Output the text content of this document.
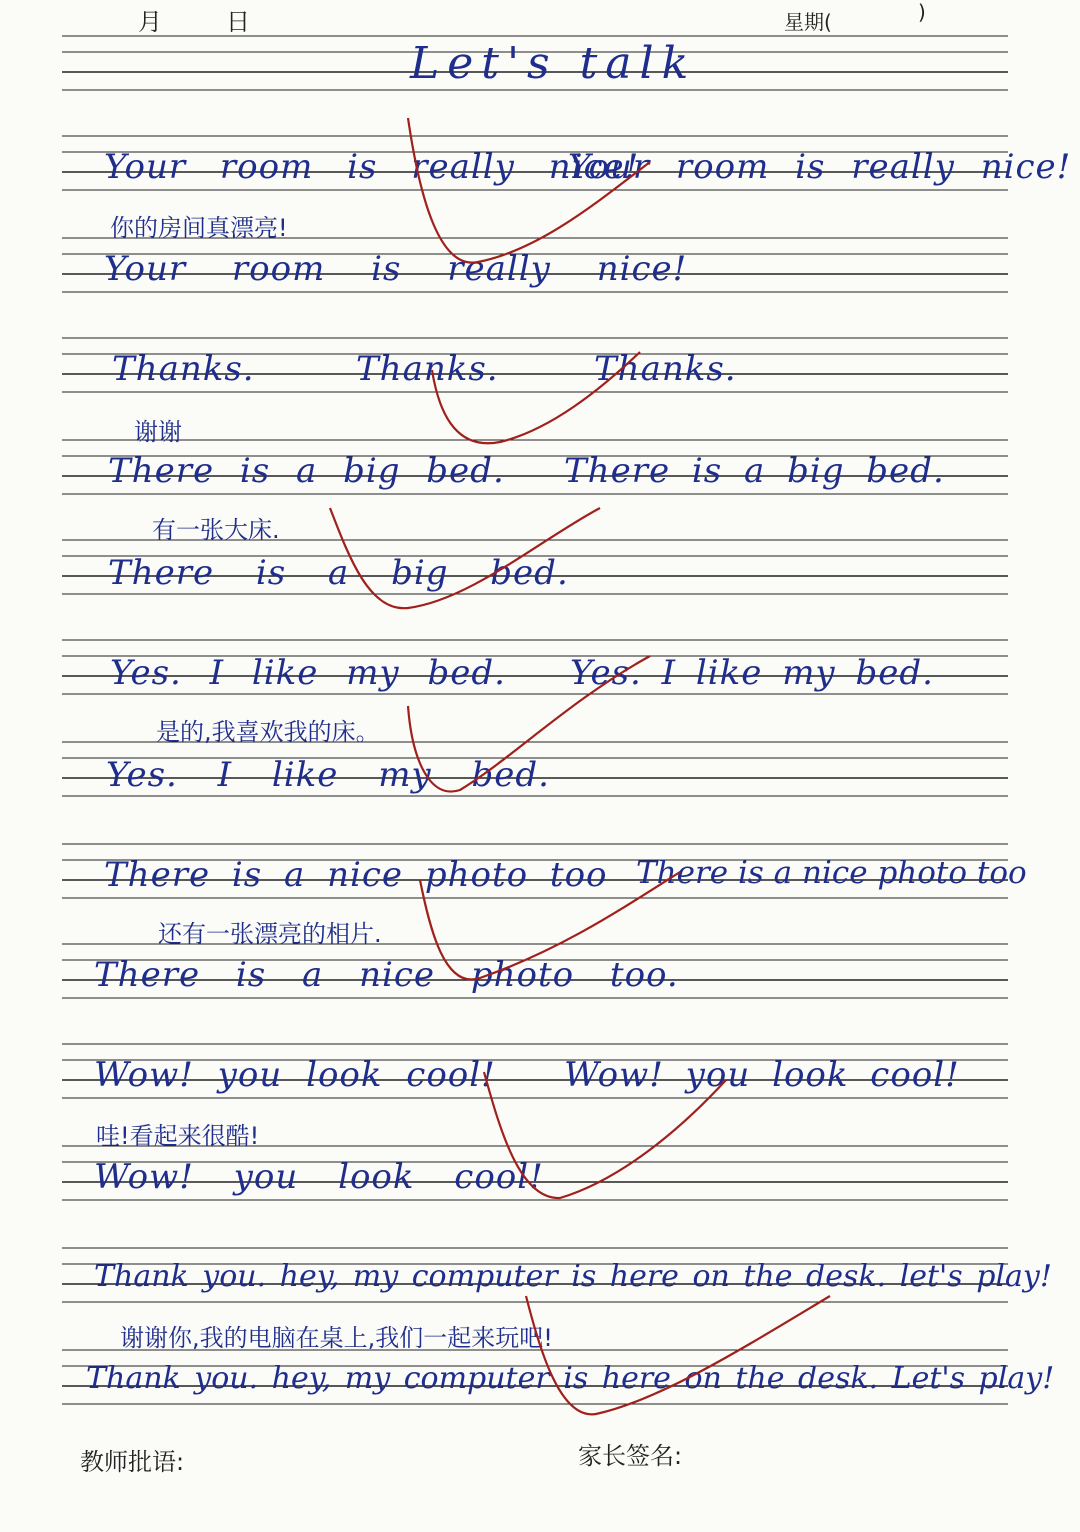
月	日	星期(	)
Let's talk
Your room is really nice!
Your room is really nice!
你的房间真漂亮!
Your room is really nice!
Thanks.	Thanks.	Thanks.
谢谢
There is a big bed. There is a big bed.
有一张大床.
There is a big bed.
Yes. I like my bed. Yes. I like my bed.
是的,我喜欢我的床。
Yes. I like my bed.
There is a nice photo too There is a nice photo too
还有一张漂亮的相片.
There is a nice photo too.
Wow! you look cool! Wow! you look cool!
哇!看起来很酷!
Wow! you look cool!
Thank you. hey, my computer is here on the desk. let's play!
谢谢你,我的电脑在桌上,我们一起来玩吧!
Thank you. hey, my computer is here on the desk. Let's play!
教师批语:	家长签名:
